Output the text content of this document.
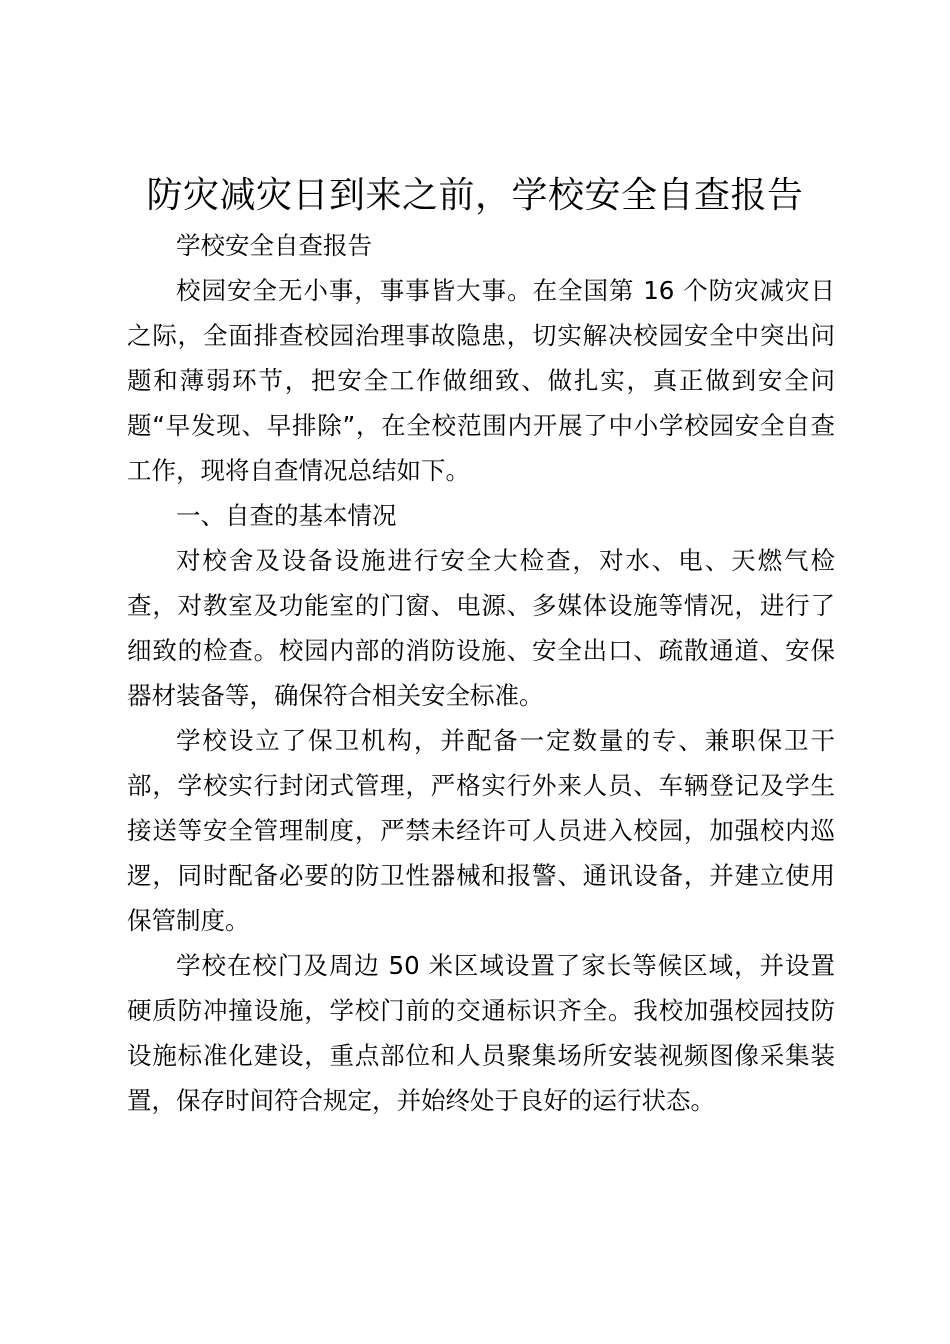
防灾减灾日到来之前，学校安全自查报告

学校安全自查报告

校园安全无小事，事事皆大事。在全国第 16 个防灾减灾日之际，全面排查校园治理事故隐患，切实解决校园安全中突出问题和薄弱环节，把安全工作做细致、做扎实，真正做到安全问题“早发现、早排除”，在全校范围内开展了中小学校园安全自查工作，现将自查情况总结如下。

一、自查的基本情况

对校舍及设备设施进行安全大检查，对水、电、天燃气检查，对教室及功能室的门窗、电源、多媒体设施等情况，进行了细致的检查。校园内部的消防设施、安全出口、疏散通道、安保器材装备等，确保符合相关安全标准。

学校设立了保卫机构，并配备一定数量的专、兼职保卫干部，学校实行封闭式管理，严格实行外来人员、车辆登记及学生接送等安全管理制度，严禁未经许可人员进入校园，加强校内巡逻，同时配备必要的防卫性器械和报警、通讯设备，并建立使用保管制度。

学校在校门及周边 50 米区域设置了家长等候区域，并设置硬质防冲撞设施，学校门前的交通标识齐全。我校加强校园技防设施标准化建设，重点部位和人员聚集场所安装视频图像采集装置，保存时间符合规定，并始终处于良好的运行状态。
